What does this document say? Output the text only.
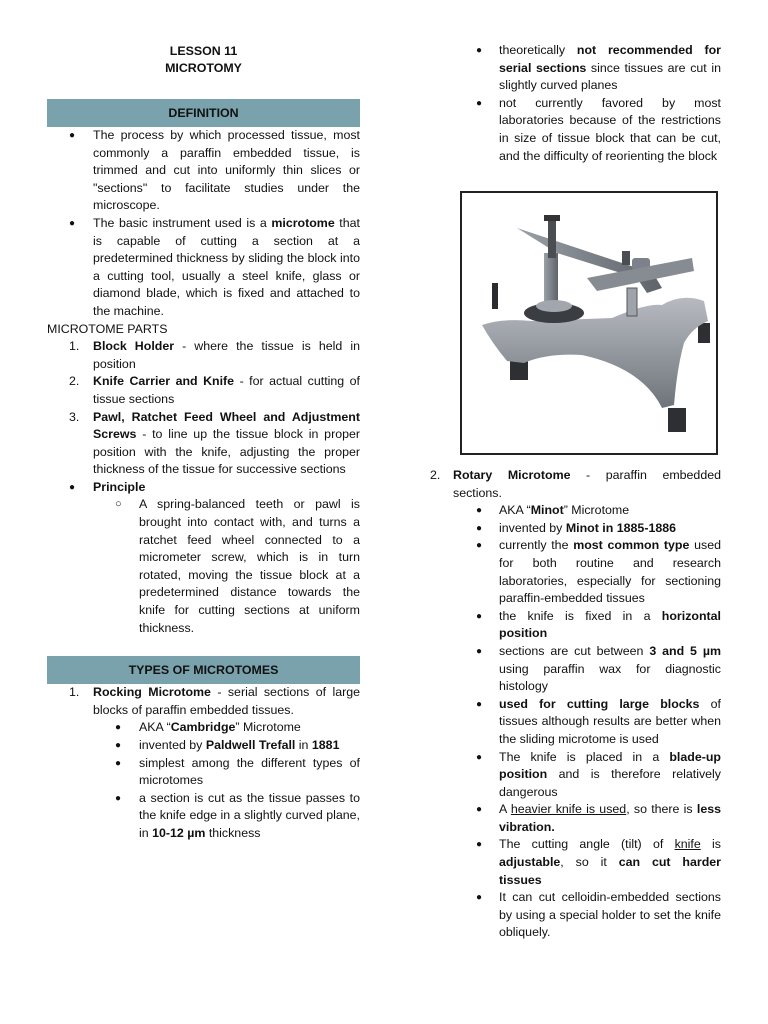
LESSON 11
MICROTOMY
DEFINITION
● The process by which processed tissue, most commonly a paraffin embedded tissue, is trimmed and cut into uniformly thin slices or "sections" to facilitate studies under the microscope.
● The basic instrument used is a microtome that is capable of cutting a section at a predetermined thickness by sliding the block into a cutting tool, usually a steel knife, glass or diamond blade, which is fixed and attached to the machine.
MICROTOME PARTS
1. Block Holder - where the tissue is held in position
2. Knife Carrier and Knife - for actual cutting of tissue sections
3. Pawl, Ratchet Feed Wheel and Adjustment Screws - to line up the tissue block in proper position with the knife, adjusting the proper thickness of the tissue for successive sections
● Principle
○ A spring-balanced teeth or pawl is brought into contact with, and turns a ratchet feed wheel connected to a micrometer screw, which is in turn rotated, moving the tissue block at a predetermined distance towards the knife for cutting sections at uniform thickness.
TYPES OF MICROTOMES
1. Rocking Microtome - serial sections of large blocks of paraffin embedded tissues.
● AKA “Cambridge” Microtome
● invented by Paldwell Trefall in 1881
● simplest among the different types of microtomes
● a section is cut as the tissue passes to the knife edge in a slightly curved plane, in 10-12 µm thickness
● theoretically not recommended for serial sections since tissues are cut in slightly curved planes
● not currently favored by most laboratories because of the restrictions in size of tissue block that can be cut, and the difficulty of reorienting the block
2. Rotary Microtome - paraffin embedded sections.
● AKA “Minot” Microtome
● invented by Minot in 1885-1886
● currently the most common type used for both routine and research laboratories, especially for sectioning paraffin-embedded tissues
● the knife is fixed in a horizontal position
● sections are cut between 3 and 5 µm using paraffin wax for diagnostic histology
● used for cutting large blocks of tissues although results are better when the sliding microtome is used
● The knife is placed in a blade-up position and is therefore relatively dangerous
● A heavier knife is used, so there is less vibration.
● The cutting angle (tilt) of knife is adjustable, so it can cut harder tissues
● It can cut celloidin-embedded sections by using a special holder to set the knife obliquely.
